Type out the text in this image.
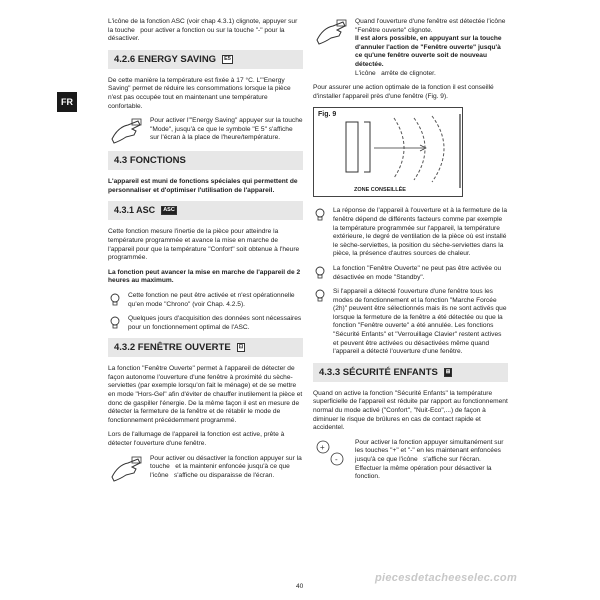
FR

L'icône de la fonction ASC (voir chap 4.3.1) clignote, appuyer sur la touche   pour activer a fonction ou sur la touche "-" pour la désactiver.

4.2.6 ENERGY SAVING	E5

De cette manière la température est fixée à 17 °C. L'"Energy Saving" permet de réduire les consommations lorsque la pièce n'est pas occupée tout en maintenant une température confortable.

Pour activer l'"Energy Saving" appuyer sur la touche "Mode", jusqu'à ce que le symbole "E 5" s'affiche sur l'écran à la place de l'heure/température.
4.3 FONCTIONS

L'appareil est muni de fonctions spéciales qui permettent de personnaliser et d'optimiser l'utilisation de l'appareil.

4.3.1 ASC	ASC

Cette fonction mesure l'inertie de la pièce pour atteindre la température programmée et avance la mise en marche de l'appareil pour que la température "Confort" soit obtenue à l'heure programmée.

La fonction peut avancer la mise en marche de l'appareil de 2 heures au maximum.

Cette fonction ne peut être activée et n'est opérationnelle qu'en mode "Chrono" (voir Chap. 4.2.5).
Quelques jours d'acquisition des données sont nécessaires pour un fonctionnement optimal de l'ASC.
4.3.2 FENÊTRE OUVERTE	⊡

La fonction "Fenêtre Ouverte" permet à l'appareil de détecter de façon autonome l'ouverture d'une fenêtre à proximité du sèche-serviettes (par exemple lorsqu'on fait le ménage) et de se mettre en mode "Hors-Gel" afin d'éviter de chauffer inutilement la pièce et donc de gaspiller l'énergie. De la même façon il est en mesure de détecter la fermeture de la fenêtre et de rétablir le mode de fonctionnement précédemment programmé.

Lors de l'allumage de l'appareil la fonction est active, prête à détecter l'ouverture d'une fenêtre.

Pour activer ou désactiver la fonction appuyer sur la touche   et la maintenir enfoncée jusqu'à ce que l'icône   s'affiche ou disparaisse de l'écran.
Quand l'ouverture d'une fenêtre est détectée l'icône "Fenêtre ouverte" clignote.
Il est alors possible, en appuyant sur la touche   d'annuler l'action de "Fenêtre ouverte" jusqu'à ce qu'une fenêtre ouverte soit de nouveau détectée.
L'icône   arrête de clignoter.

Pour assurer une action optimale de la fonction il est conseillé d'installer l'appareil près d'une fenêtre (Fig. 9).

Fig. 9
ZONE CONSEILLÉE
La réponse de l'appareil à l'ouverture et à la fermeture de la fenêtre dépend de différents facteurs comme par exemple la température programmée sur l'appareil, la température extérieure, le degré de ventilation de la pièce où est installé le sèche-serviettes, la position du sèche-serviettes dans la pièce, la présence d'autres sources de chaleur.
La fonction "Fenêtre Ouverte" ne peut pas être activée ou désactivée en mode "Standby".
Si l'appareil a détecté l'ouverture d'une fenêtre tous les modes de fonctionnement et la fonction "Marche Forcée (2h)" peuvent être sélectionnés mais ils ne sont activés que lorsque la fermeture de la fenêtre a été détectée ou que la fonction "Fenêtre ouverte" a été annulée. Les fonctions "Sécurité Enfants" et "Verrouillage Clavier" restent actives et peuvent être activées ou désactivées même quand l'appareil a détecté l'ouverture d'une fenêtre.
4.3.3 SÉCURITÉ ENFANTS	⊞

Quand on active la fonction "Sécurité Enfants" la température superficielle de l'appareil est réduite par rapport au fonctionnement normal du mode activé ("Confort", "Nuit-Eco",...) de façon à diminuer le risque de brûlures en cas de contact rapide et accidentel.

+
-
Pour activer la fonction appuyer simultanément sur les touches "+" et "-" en les maintenant enfoncées jusqu'à ce que l'icône   s'affiche sur l'écran.
Effectuer la même opération pour désactiver la fonction.
40
piecesdetacheeselec.com
